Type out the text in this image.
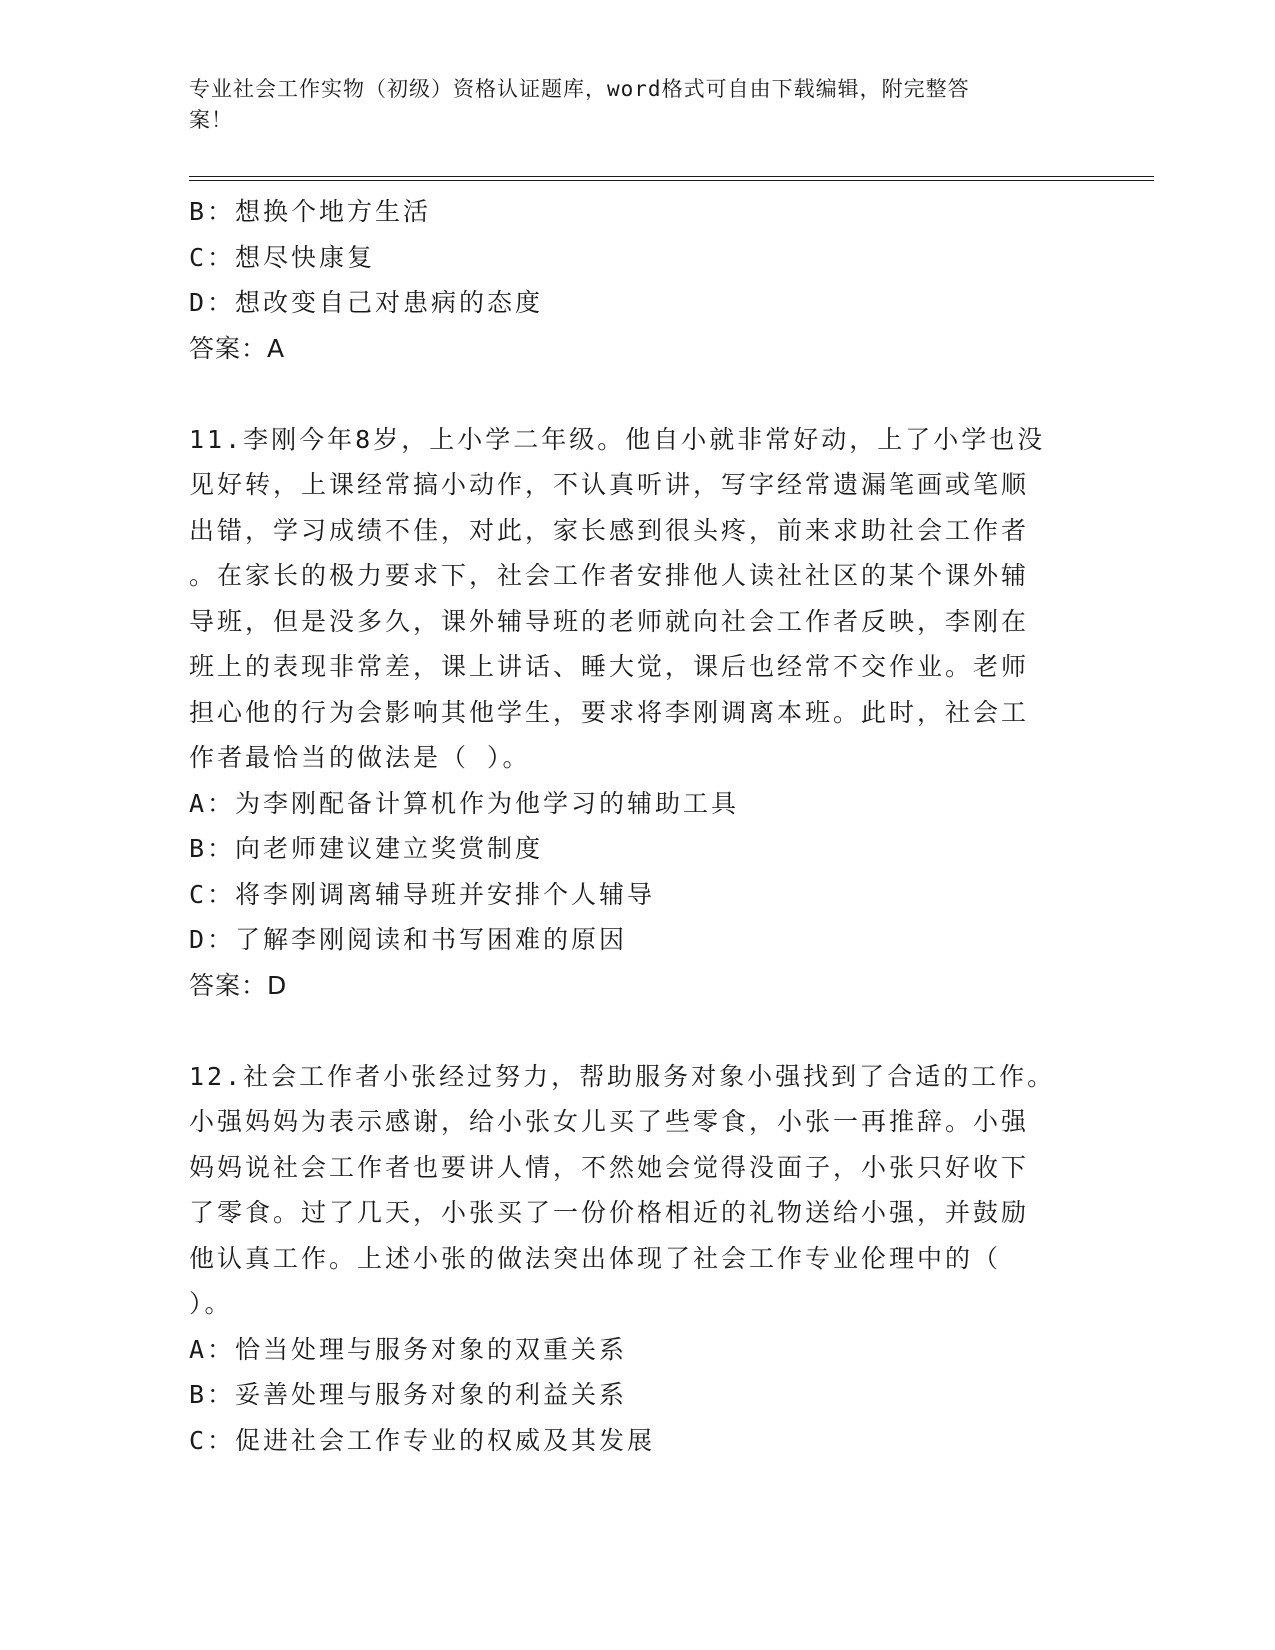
专业社会工作实物（初级）资格认证题库，word格式可自由下载编辑，附完整答
案！
B：想换个地方生活
C：想尽快康复
D：想改变自己对患病的态度
答案：A
11.李刚今年8岁，上小学二年级。他自小就非常好动，上了小学也没
见好转，上课经常搞小动作，不认真听讲，写字经常遗漏笔画或笔顺
出错，学习成绩不佳，对此，家长感到很头疼，前来求助社会工作者
。在家长的极力要求下，社会工作者安排他人读社社区的某个课外辅
导班，但是没多久，课外辅导班的老师就向社会工作者反映，李刚在
班上的表现非常差，课上讲话、睡大觉，课后也经常不交作业。老师
担心他的行为会影响其他学生，要求将李刚调离本班。此时，社会工
作者最恰当的做法是（ ）。
A：为李刚配备计算机作为他学习的辅助工具
B：向老师建议建立奖赏制度
C：将李刚调离辅导班并安排个人辅导
D：了解李刚阅读和书写困难的原因
答案：D
12.社会工作者小张经过努力，帮助服务对象小强找到了合适的工作。
小强妈妈为表示感谢，给小张女儿买了些零食，小张一再推辞。小强
妈妈说社会工作者也要讲人情，不然她会觉得没面子，小张只好收下
了零食。过了几天，小张买了一份价格相近的礼物送给小强，并鼓励
他认真工作。上述小张的做法突出体现了社会工作专业伦理中的（
）。
A：恰当处理与服务对象的双重关系
B：妥善处理与服务对象的利益关系
C：促进社会工作专业的权威及其发展
